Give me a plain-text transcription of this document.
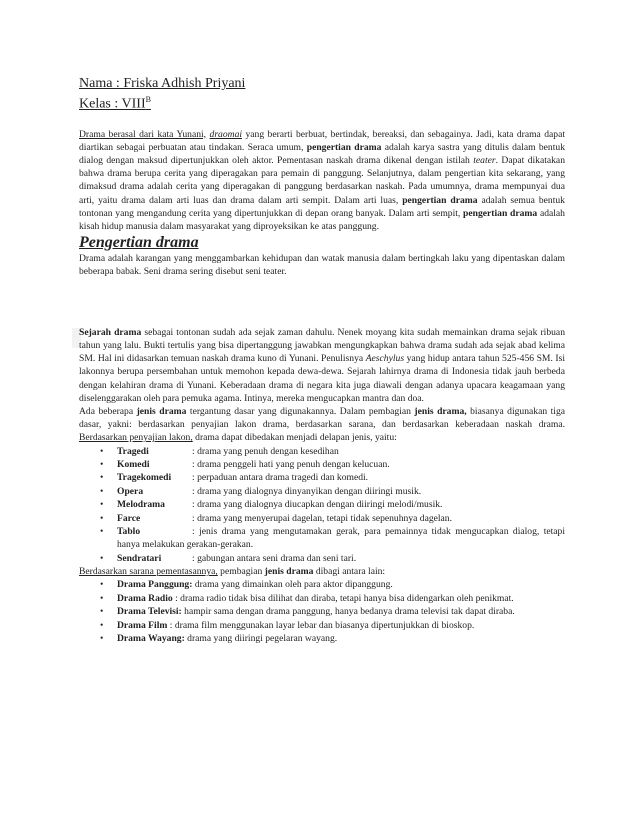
Nama : Friska Adhish Priyani
Kelas : $VIII^B$

Drama berasal dari kata Yunani, draomai yang berarti berbuat, bertindak, bereaksi, dan sebagainya. Jadi, kata drama dapat diartikan sebagai perbuatan atau tindakan. Seraca umum, pengertian drama adalah karya sastra yang ditulis dalam bentuk dialog dengan maksud dipertunjukkan oleh aktor. Pementasan naskah drama dikenal dengan istilah teater. Dapat dikatakan bahwa drama berupa cerita yang diperagakan para pemain di panggung. Selanjutnya, dalam pengertian kita sekarang, yang dimaksud drama adalah cerita yang diperagakan di panggung berdasarkan naskah. Pada umumnya, drama mempunyai dua arti, yaitu drama dalam arti luas dan drama dalam arti sempit. Dalam arti luas, pengertian drama adalah semua bentuk tontonan yang mengandung cerita yang dipertunjukkan di depan orang banyak. Dalam arti sempit, pengertian drama adalah kisah hidup manusia dalam masyarakat yang diproyeksikan ke atas panggung.

Pengertian drama

Drama adalah karangan yang menggambarkan kehidupan dan watak manusia dalam bertingkah laku yang dipentaskan dalam beberapa babak. Seni drama sering disebut seni teater.

Sejarah drama sebagai tontonan sudah ada sejak zaman dahulu. Nenek moyang kita sudah memainkan drama sejak ribuan tahun yang lalu. Bukti tertulis yang bisa dipertanggung jawabkan mengungkapkan bahwa drama sudah ada sejak abad kelima SM. Hal ini didasarkan temuan naskah drama kuno di Yunani. Penulisnya Aeschylus yang hidup antara tahun 525-456 SM. Isi lakonnya berupa persembahan untuk memohon kepada dewa-dewa. Sejarah lahirnya drama di Indonesia tidak jauh berbeda dengan kelahiran drama di Yunani. Keberadaan drama di negara kita juga diawali dengan adanya upacara keagamaan yang diselenggarakan oleh para pemuka agama. Intinya, mereka mengucapkan mantra dan doa.

Ada beberapa jenis drama tergantung dasar yang digunakannya. Dalam pembagian jenis drama, biasanya digunakan tiga dasar, yakni: berdasarkan penyajian lakon drama, berdasarkan sarana, dan berdasarkan keberadaan naskah drama. Berdasarkan penyajian lakon, drama dapat dibedakan menjadi delapan jenis, yaitu:

• Tragedi	: drama yang penuh dengan kesedihan
• Komedi	: drama penggeli hati yang penuh dengan kelucuan.
• Tragekomedi : perpaduan antara drama tragedi dan komedi.
• Opera	: drama yang dialognya dinyanyikan dengan diiringi musik.
• Melodrama	: drama yang dialognya diucapkan dengan diiringi melodi/musik.
• Farce	: drama yang menyerupai dagelan, tetapi tidak sepenuhnya dagelan.
• Tablo	: jenis drama yang mengutamakan gerak, para pemainnya tidak mengucapkan dialog, tetapi hanya melakukan gerakan-gerakan.
• Sendratari	: gabungan antara seni drama dan seni tari.

Berdasarkan sarana pementasannya, pembagian jenis drama dibagi antara lain:

• Drama Panggung: drama yang dimainkan oleh para aktor dipanggung.
• Drama Radio : drama radio tidak bisa dilihat dan diraba, tetapi hanya bisa didengarkan oleh penikmat.
• Drama Televisi: hampir sama dengan drama panggung, hanya bedanya drama televisi tak dapat diraba.
• Drama Film : drama film menggunakan layar lebar dan biasanya dipertunjukkan di bioskop.
• Drama Wayang: drama yang diiringi pegelaran wayang.
